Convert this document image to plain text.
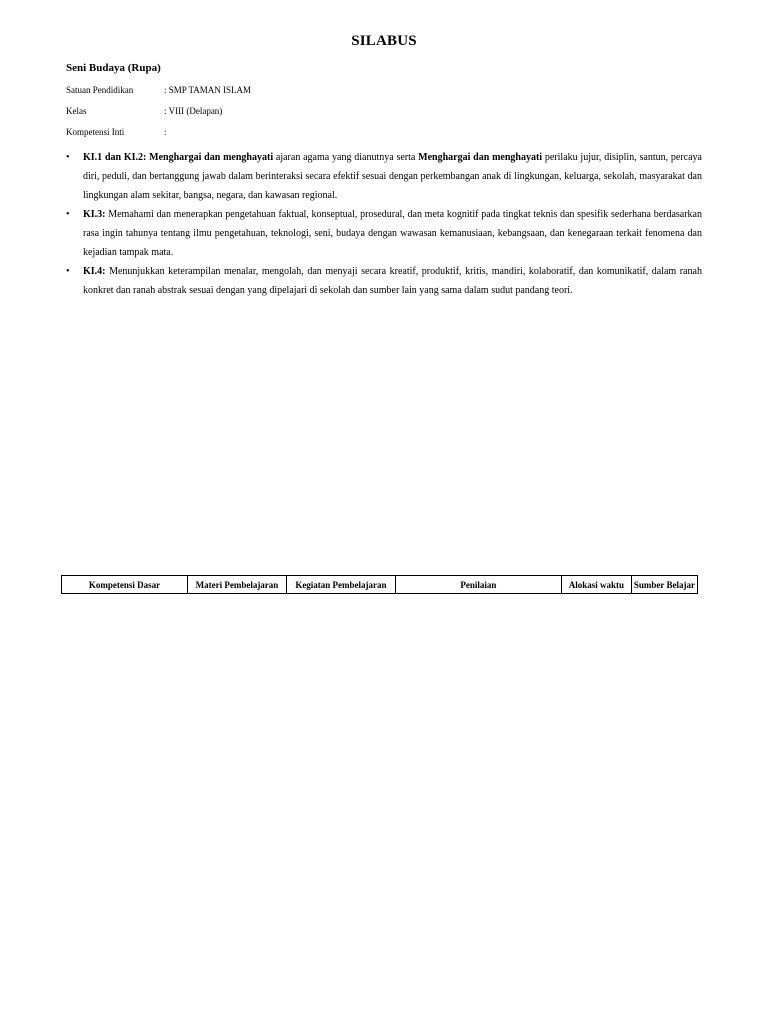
SILABUS
Seni Budaya (Rupa)
Satuan Pendidikan	: SMP TAMAN ISLAM
Kelas	: VIII (Delapan)
Kompetensi Inti	:
• KI.1 dan KI.2: Menghargai dan menghayati ajaran agama yang dianutnya serta Menghargai dan menghayati perilaku jujur, disiplin, santun, percaya diri, peduli, dan bertanggung jawab dalam berinteraksi secara efektif sesuai dengan perkembangan anak di lingkungan, keluarga, sekolah, masyarakat dan lingkungan alam sekitar, bangsa, negara, dan kawasan regional.
• KI.3: Memahami dan menerapkan pengetahuan faktual, konseptual, prosedural, dan meta kognitif pada tingkat teknis dan spesifik sederhana berdasarkan rasa ingin tahunya tentang ilmu pengetahuan, teknologi, seni, budaya dengan wawasan kemanusiaan, kebangsaan, dan kenegaraan terkait fenomena dan kejadian tampak mata.
• KI.4: Menunjukkan keterampilan menalar, mengolah, dan menyaji secara kreatif, produktif, kritis, mandiri, kolaboratif, dan komunikatif, dalam ranah konkret dan ranah abstrak sesuai dengan yang dipelajari di sekolah dan sumber lain yang sama dalam sudut pandang teori.
Kompetensi Dasar	Materi Pembelajaran	Kegiatan Pembelajaran	Penilaian	Alokasi waktu	Sumber Belajar
